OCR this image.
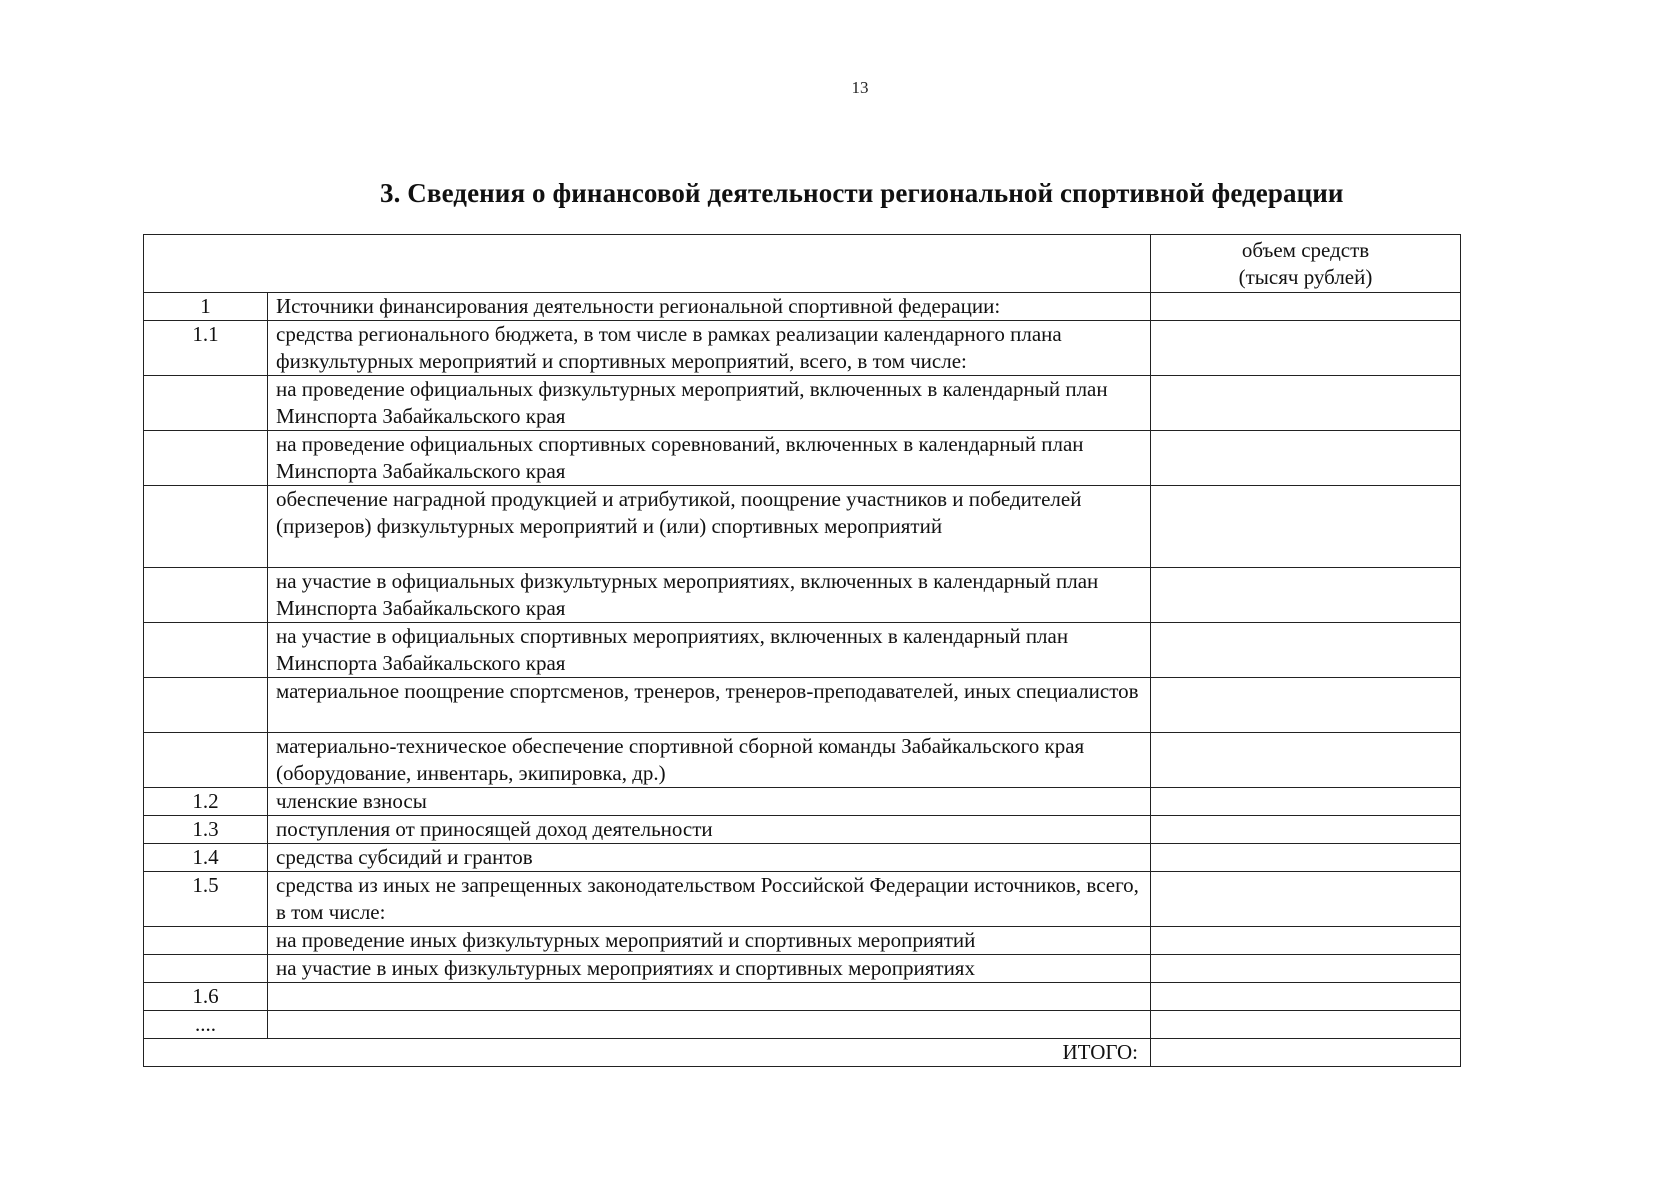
13
3. Сведения о финансовой деятельности региональной спортивной федерации

		объем средств
(тысяч рублей)

1	Источники финансирования деятельности региональной спортивной федерации:	
1.1	средства регионального бюджета, в том числе в рамках реализации календарного плана физкультурных мероприятий и спортивных мероприятий, всего, в том числе:	
	на проведение официальных физкультурных мероприятий, включенных в календарный план Минспорта Забайкальского края	
	на проведение официальных спортивных соревнований, включенных в календарный план Минспорта Забайкальского края	
	обеспечение наградной продукцией и атрибутикой, поощрение участников и победителей (призеров) физкультурных мероприятий и (или) спортивных мероприятий	
	на участие в официальных физкультурных мероприятиях, включенных в календарный план Минспорта Забайкальского края	
	на участие в официальных спортивных мероприятиях, включенных в календарный план Минспорта Забайкальского края	
	материальное поощрение спортсменов, тренеров, тренеров-преподавателей, иных специалистов	
	материально-техническое обеспечение спортивной сборной команды Забайкальского края (оборудование, инвентарь, экипировка, др.)	
1.2	членские взносы	
1.3	поступления от приносящей доход деятельности	
1.4	средства субсидий и грантов	
1.5	средства из иных не запрещенных законодательством Российской Федерации источников, всего, в том числе:	
	на проведение иных физкультурных мероприятий и спортивных мероприятий	
	на участие в иных физкультурных мероприятиях и спортивных мероприятиях	
1.6		
....		
ИТОГО:		
